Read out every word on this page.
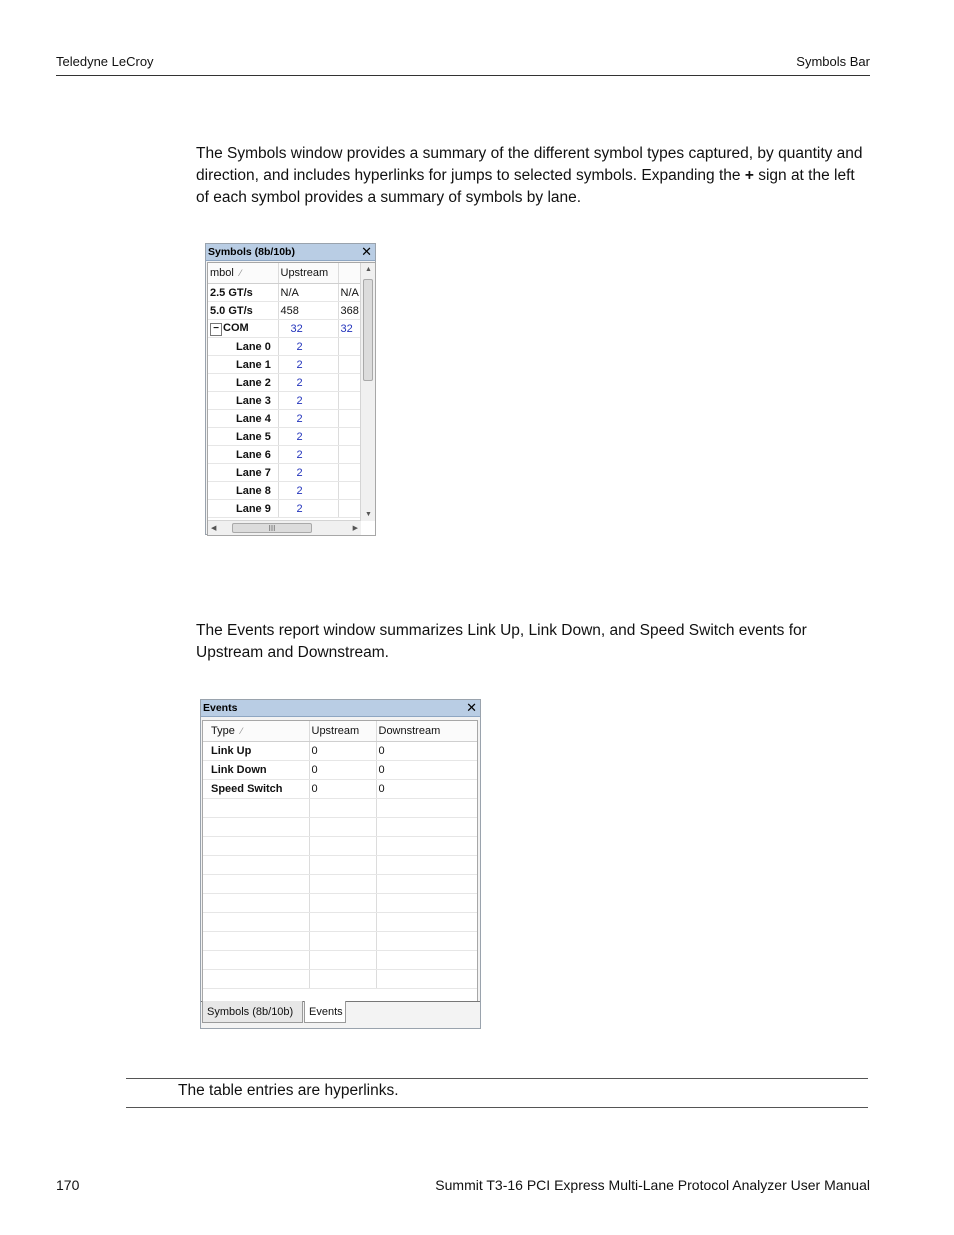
Teledyne LeCroy	Symbols Bar
The Symbols window provides a summary of the different symbol types captured, by quantity and direction, and includes hyperlinks for jumps to selected symbols. Expanding the + sign at the left of each symbol provides a summary of symbols by lane.
Symbols (8b/10b)	✕
mbol ⁄	Upstream	
2.5 GT/s	N/A	N/A
5.0 GT/s	458	368
− COM	32	32
Lane 0	2	
Lane 1	2	
Lane 2	2	
Lane 3	2	
Lane 4	2	
Lane 5	2	
Lane 6	2	
Lane 7	2	
Lane 8	2	
Lane 9	2	
▲
▼
◀	III	▶
The Events report window summarizes Link Up, Link Down, and Speed Switch events for Upstream and Downstream.
Events	✕
Type ⁄	Upstream	Downstream
Link Up	0	0
Link Down	0	0
Speed Switch	0	0

Symbols (8b/10b)	Events
The table entries are hyperlinks.
170	Summit T3-16 PCI Express Multi-Lane Protocol Analyzer User Manual
